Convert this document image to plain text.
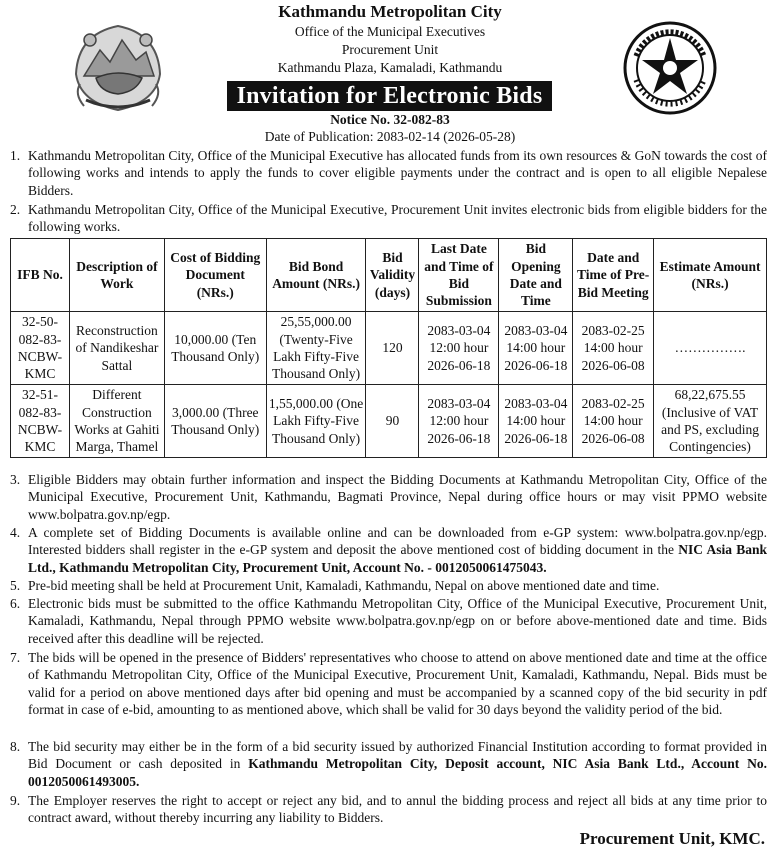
Kathmandu Metropolitan City
Office of the Municipal Executives
Procurement Unit
Kathmandu Plaza, Kamaladi, Kathmandu
Invitation for Electronic Bids
Notice No. 32-082-83
Date of Publication: 2083-02-14 (2026-05-28)
1. Kathmandu Metropolitan City, Office of the Municipal Executive has allocated funds from its own resources & GoN towards the cost of following works and intends to apply the funds to cover eligible payments under the contract and is open to all eligible Nepalese Bidders.
2. Kathmandu Metropolitan City, Office of the Municipal Executive, Procurement Unit invites electronic bids from eligible bidders for the following works.
IFB No.	Description of Work	Cost of Bidding Document (NRs.)	Bid Bond Amount (NRs.)	Bid Validity (days)	Last Date and Time of Bid Submission	Bid Opening Date and Time	Date and Time of Pre-Bid Meeting	Estimate Amount (NRs.)
32-50-082-83-NCBW-KMC	Reconstruction of Nandikeshar Sattal	10,000.00 (Ten Thousand Only)	25,55,000.00 (Twenty-Five Lakh Fifty-Five Thousand Only)	120	2083-03-04 12:00 hour 2026-06-18	2083-03-04 14:00 hour 2026-06-18	2083-02-25 14:00 hour 2026-06-08	…………….
32-51-082-83-NCBW-KMC	Different Construction Works at Gahiti Marga, Thamel	3,000.00 (Three Thousand Only)	1,55,000.00 (One Lakh Fifty-Five Thousand Only)	90	2083-03-04 12:00 hour 2026-06-18	2083-03-04 14:00 hour 2026-06-18	2083-02-25 14:00 hour 2026-06-08	68,22,675.55 (Inclusive of VAT and PS, excluding Contingencies)
3. Eligible Bidders may obtain further information and inspect the Bidding Documents at Kathmandu Metropolitan City, Office of the Municipal Executive, Procurement Unit, Kathmandu, Bagmati Province, Nepal during office hours or may visit PPMO website www.bolpatra.gov.np/egp.
4. A complete set of Bidding Documents is available online and can be downloaded from e-GP system: www.bolpatra.gov.np/egp. Interested bidders shall register in the e-GP system and deposit the above mentioned cost of bidding document in the NIC Asia Bank Ltd., Kathmandu Metropolitan City, Procurement Unit, Account No. - 0012050061475043.
5. Pre-bid meeting shall be held at Procurement Unit, Kamaladi, Kathmandu, Nepal on above mentioned date and time.
6. Electronic bids must be submitted to the office Kathmandu Metropolitan City, Office of the Municipal Executive, Procurement Unit, Kamaladi, Kathmandu, Nepal through PPMO website www.bolpatra.gov.np/egp on or before above-mentioned date and time. Bids received after this deadline will be rejected.
7. The bids will be opened in the presence of Bidders' representatives who choose to attend on above mentioned date and time at the office of Kathmandu Metropolitan City, Office of the Municipal Executive, Procurement Unit, Kamaladi, Kathmandu, Nepal. Bids must be valid for a period on above mentioned days after bid opening and must be accompanied by a scanned copy of the bid security in pdf format in case of e-bid, amounting to as mentioned above, which shall be valid for 30 days beyond the validity period of the bid.
8. The bid security may either be in the form of a bid security issued by authorized Financial Institution according to format provided in Bid Document or cash deposited in Kathmandu Metropolitan City, Deposit account, NIC Asia Bank Ltd., Account No. 0012050061493005.
9. The Employer reserves the right to accept or reject any bid, and to annul the bidding process and reject all bids at any time prior to contract award, without thereby incurring any liability to Bidders.
Procurement Unit, KMC.
